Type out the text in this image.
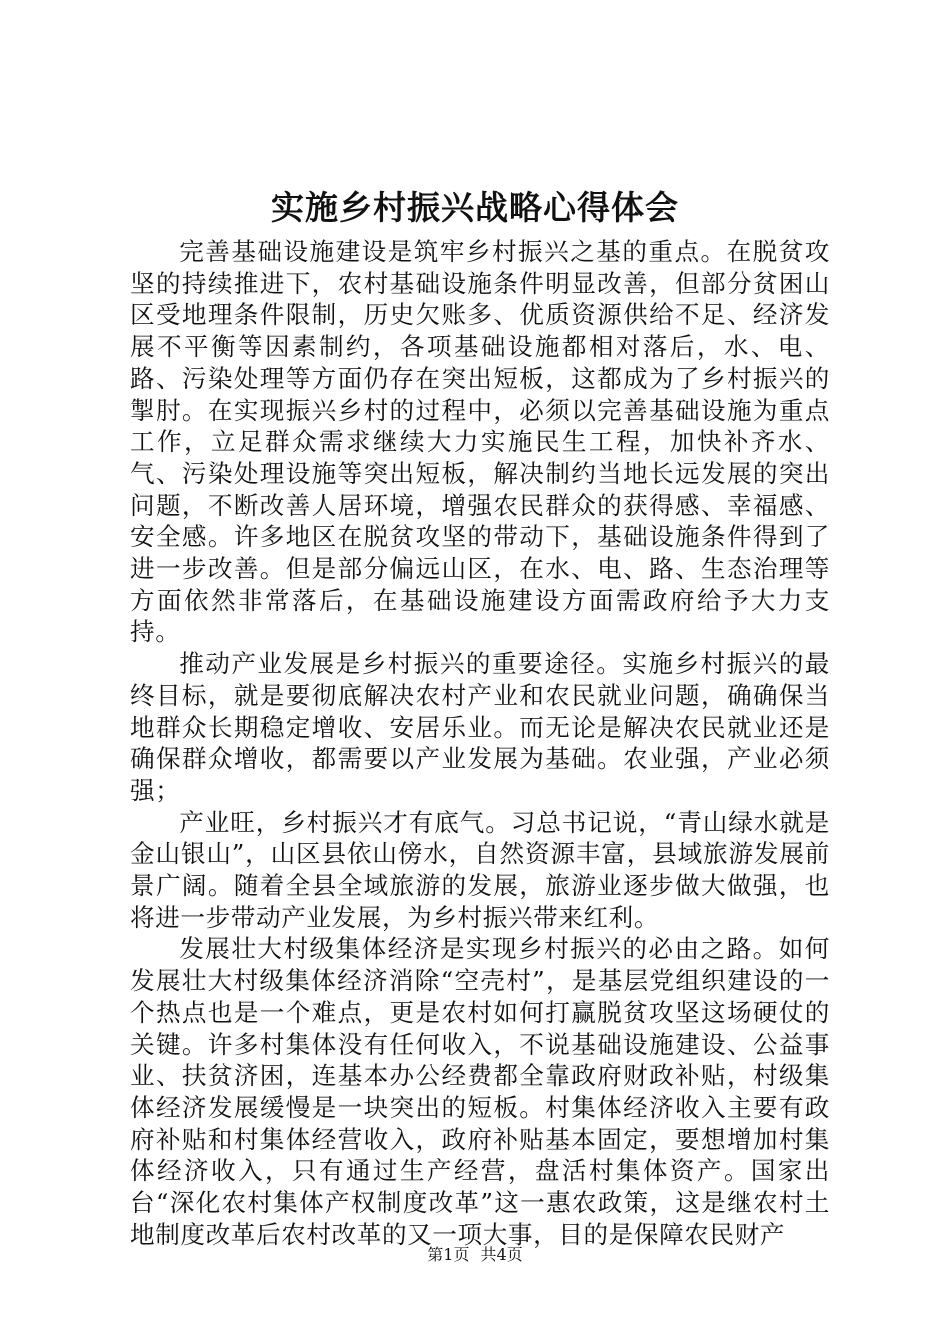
实施乡村振兴战略心得体会

完善基础设施建设是筑牢乡村振兴之基的重点。在脱贫攻坚的持续推进下，农村基础设施条件明显改善，但部分贫困山区受地理条件限制，历史欠账多、优质资源供给不足、经济发展不平衡等因素制约，各项基础设施都相对落后，水、电、路、污染处理等方面仍存在突出短板，这都成为了乡村振兴的掣肘。在实现振兴乡村的过程中，必须以完善基础设施为重点工作，立足群众需求继续大力实施民生工程，加快补齐水、气、污染处理设施等突出短板，解决制约当地长远发展的突出问题，不断改善人居环境，增强农民群众的获得感、幸福感、安全感。许多地区在脱贫攻坚的带动下，基础设施条件得到了进一步改善。但是部分偏远山区，在水、电、路、生态治理等方面依然非常落后，在基础设施建设方面需政府给予大力支持。

推动产业发展是乡村振兴的重要途径。实施乡村振兴的最终目标，就是要彻底解决农村产业和农民就业问题，确确保当地群众长期稳定增收、安居乐业。而无论是解决农民就业还是确保群众增收，都需要以产业发展为基础。农业强，产业必须强；

产业旺，乡村振兴才有底气。习总书记说，“青山绿水就是金山银山”，山区县依山傍水，自然资源丰富，县域旅游发展前景广阔。随着全县全域旅游的发展，旅游业逐步做大做强，也将进一步带动产业发展，为乡村振兴带来红利。

发展壮大村级集体经济是实现乡村振兴的必由之路。如何发展壮大村级集体经济消除“空壳村”，是基层党组织建设的一个热点也是一个难点，更是农村如何打赢脱贫攻坚这场硬仗的关键。许多村集体没有任何收入，不说基础设施建设、公益事业、扶贫济困，连基本办公经费都全靠政府财政补贴，村级集体经济发展缓慢是一块突出的短板。村集体经济收入主要有政府补贴和村集体经营收入，政府补贴基本固定，要想增加村集体经济收入，只有通过生产经营，盘活村集体资产。国家出台“深化农村集体产权制度改革”这一惠农政策，这是继农村土地制度改革后农村改革的又一项大事，目的是保障农民财产

第1页 共4页
